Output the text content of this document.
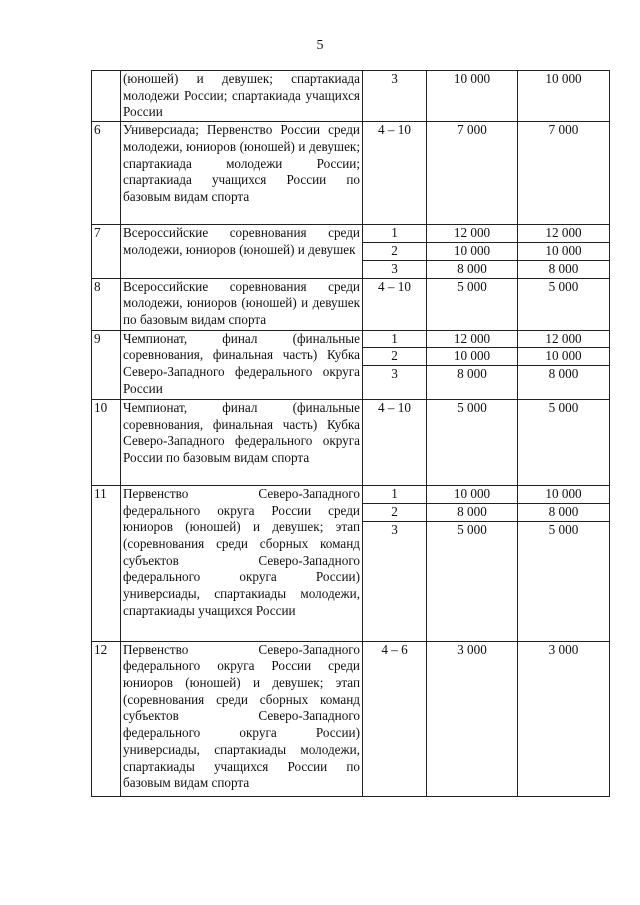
5
	(юношей) и девушек; спартакиада молодежи России; спартакиада учащихся России	3	10 000	10 000
6	Универсиада; Первенство России среди молодежи, юниоров (юношей) и девушек; спартакиада молодежи России; спартакиада учащихся России по базовым видам спорта	4 – 10	7 000	7 000
7	Всероссийские соревнования среди молодежи, юниоров (юношей) и девушек	1	12 000	12 000
		2	10 000	10 000
		3	8 000	8 000
8	Всероссийские соревнования среди молодежи, юниоров (юношей) и девушек по базовым видам спорта	4 – 10	5 000	5 000
9	Чемпионат, финал (финальные соревнования, финальная часть) Кубка Северо-Западного федерального округа России	1	12 000	12 000
		2	10 000	10 000
		3	8 000	8 000
10	Чемпионат, финал (финальные соревнования, финальная часть) Кубка Северо-Западного федерального округа России по базовым видам спорта	4 – 10	5 000	5 000
11	Первенство Северо-Западного федерального округа России среди юниоров (юношей) и девушек; этап (соревнования среди сборных команд субъектов Северо-Западного федерального округа России) универсиады, спартакиады молодежи, спартакиады учащихся России	1	10 000	10 000
		2	8 000	8 000
		3	5 000	5 000
12	Первенство Северо-Западного федерального округа России среди юниоров (юношей) и девушек; этап (соревнования среди сборных команд субъектов Северо-Западного федерального округа России) универсиады, спартакиады молодежи, спартакиады учащихся России по базовым видам спорта	4 – 6	3 000	3 000
